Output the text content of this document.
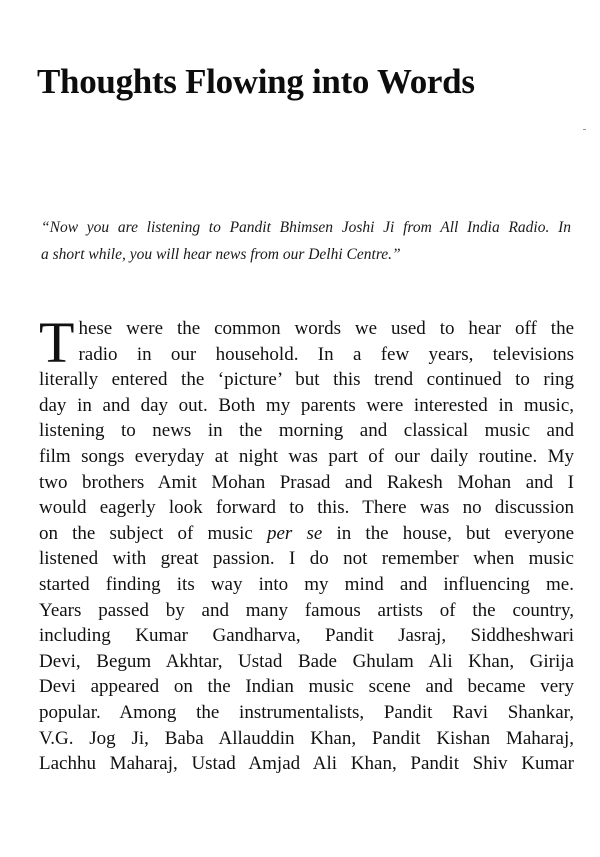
Thoughts Flowing into Words

“Now you are listening to Pandit Bhimsen Joshi Ji from All India Radio. In
a short while, you will hear news from our Delhi Centre.”

T hese were the common words we used to hear off the
radio in our household. In a few years, televisions
literally entered the ‘picture’ but this trend continued to ring
day in and day out. Both my parents were interested in music,
listening to news in the morning and classical music and
film songs everyday at night was part of our daily routine. My
two brothers Amit Mohan Prasad and Rakesh Mohan and I
would eagerly look forward to this. There was no discussion
on the subject of music per se in the house, but everyone
listened with great passion. I do not remember when music
started finding its way into my mind and influencing me.
Years passed by and many famous artists of the country,
including Kumar Gandharva, Pandit Jasraj, Siddheshwari
Devi, Begum Akhtar, Ustad Bade Ghulam Ali Khan, Girija
Devi appeared on the Indian music scene and became very
popular. Among the instrumentalists, Pandit Ravi Shankar,
V.G. Jog Ji, Baba Allauddin Khan, Pandit Kishan Maharaj,
Lachhu Maharaj, Ustad Amjad Ali Khan, Pandit Shiv Kumar
